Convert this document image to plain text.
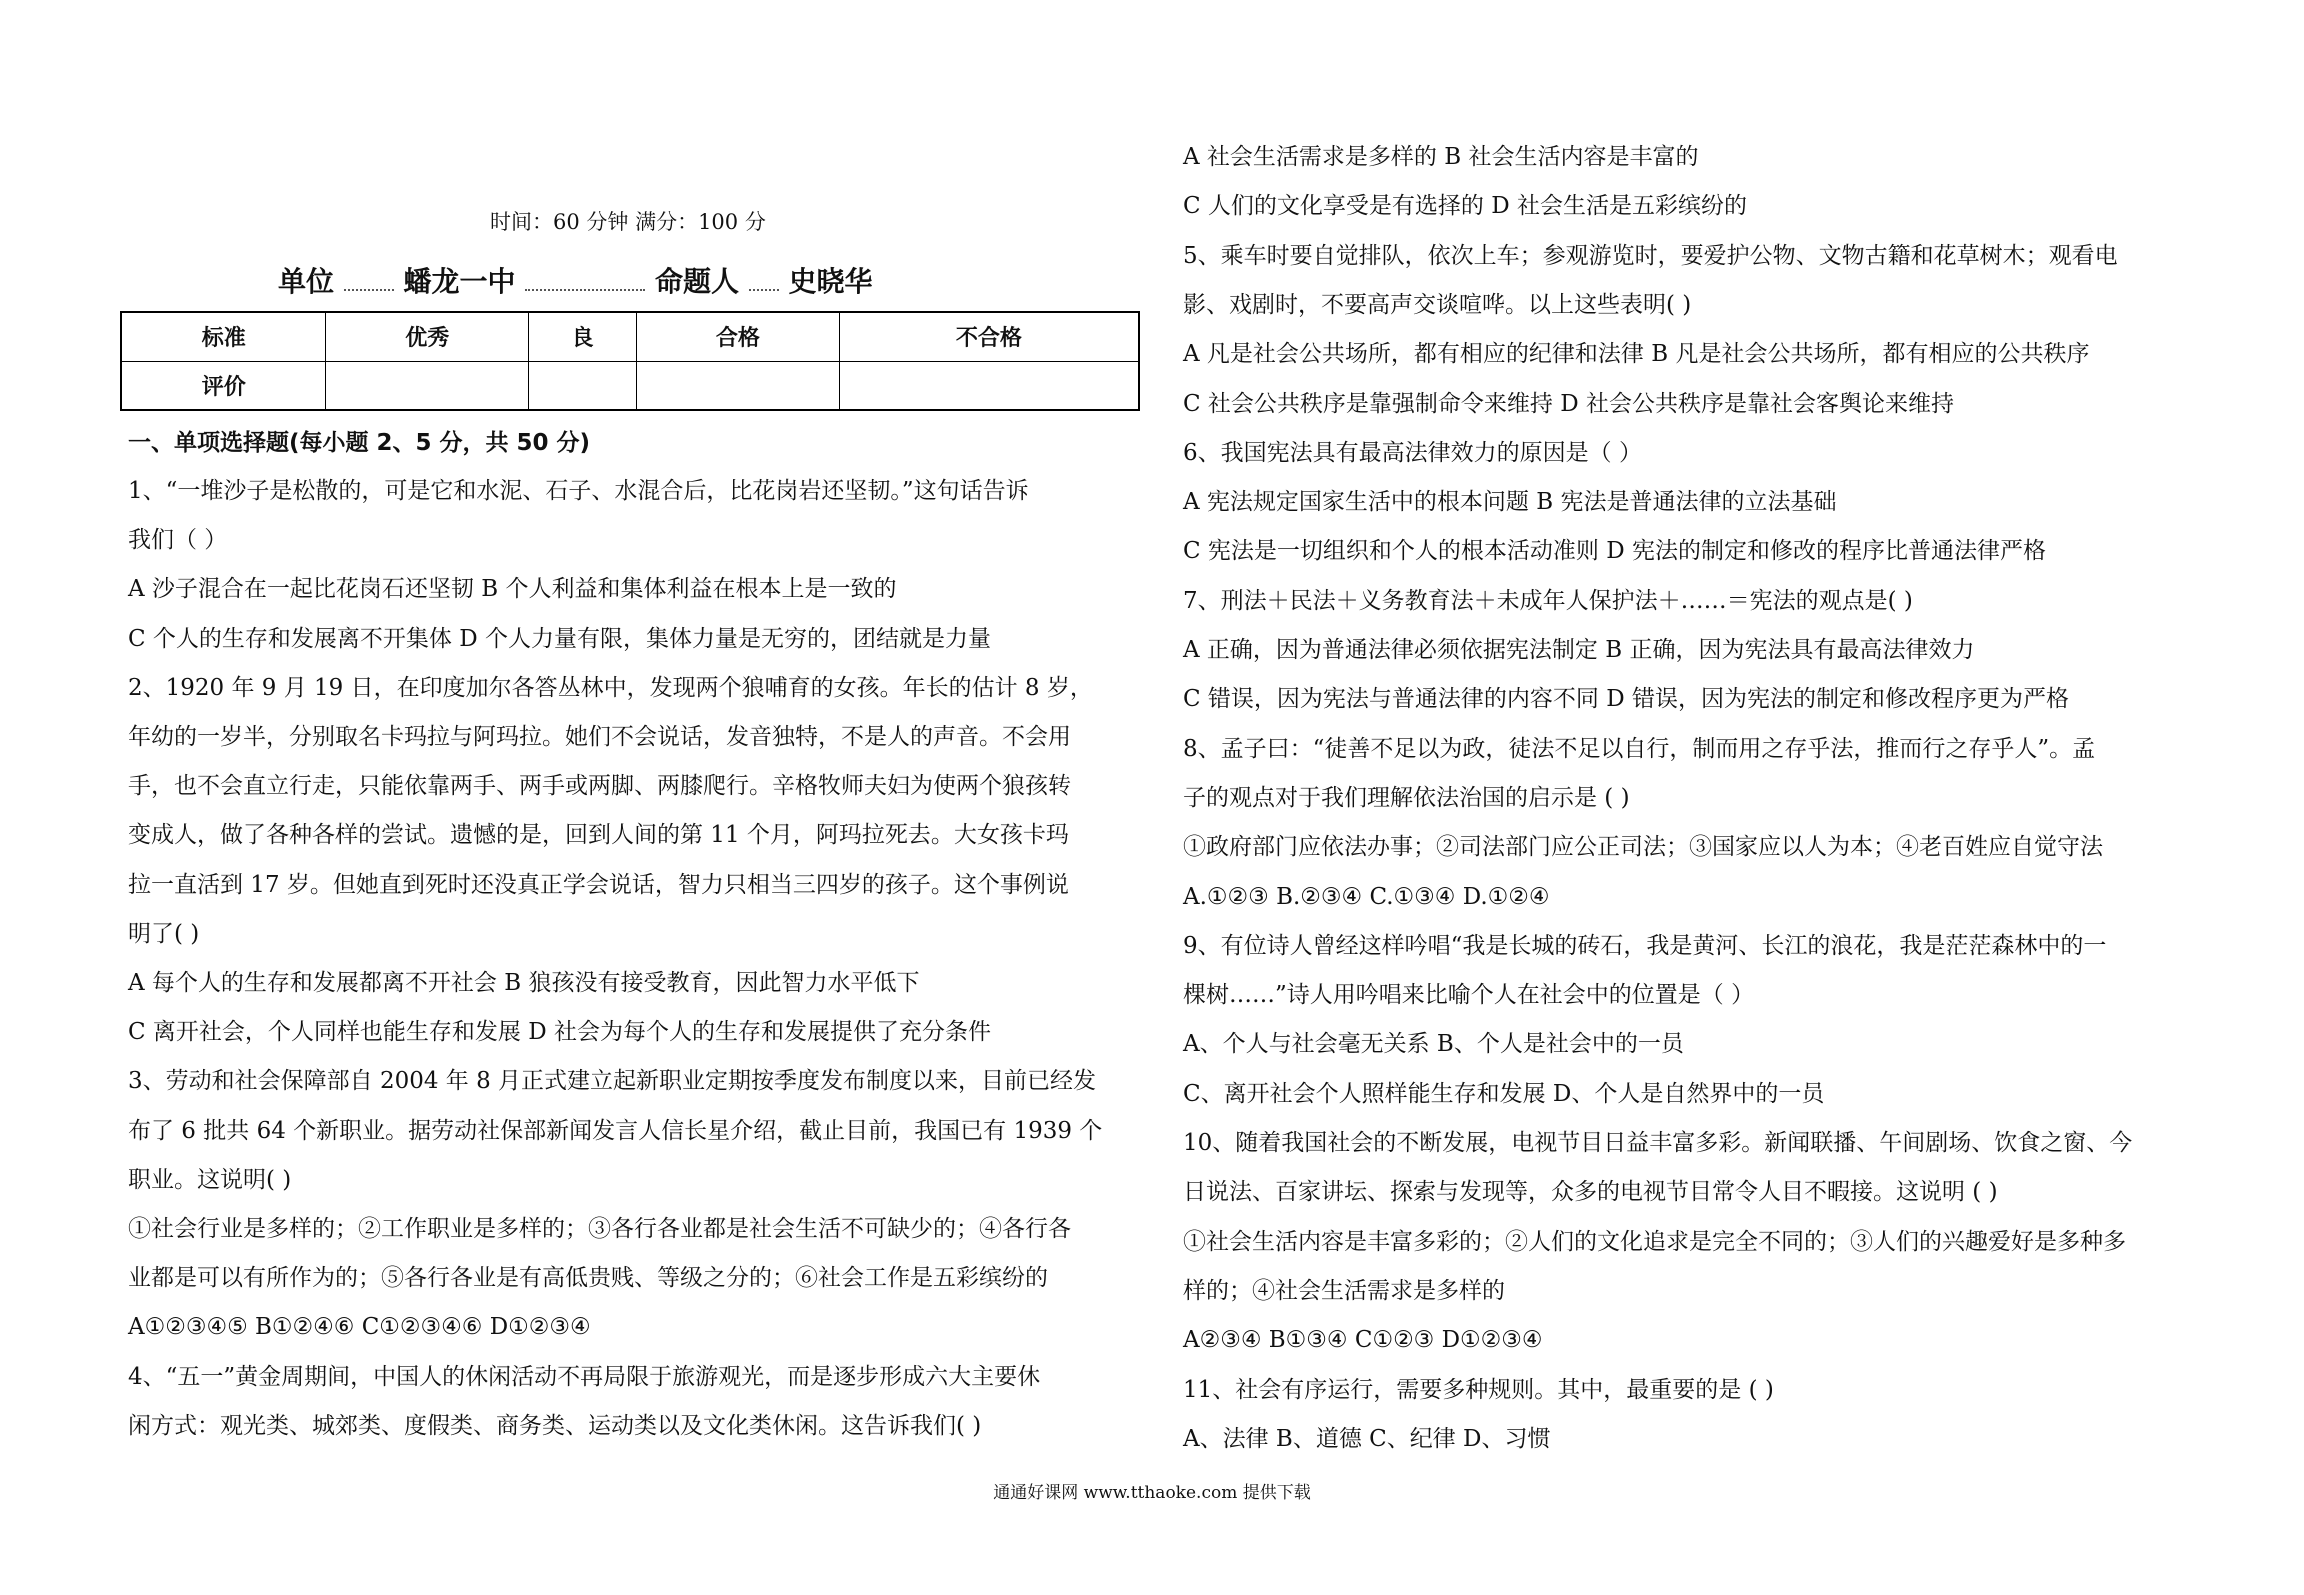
时间：60 分钟 满分：100 分
单位 蟠龙一中	命题人 史晓华
标准	优秀	良	合格	不合格
评价				
一、单项选择题(每小题 2、5 分，共 50 分)
1、“一堆沙子是松散的，可是它和水泥、石子、水混合后，比花岗岩还坚韧。”这句话告诉
我们（ ）
A 沙子混合在一起比花岗石还坚韧 B 个人利益和集体利益在根本上是一致的
C 个人的生存和发展离不开集体 D 个人力量有限，集体力量是无穷的，团结就是力量
2、1920 年 9 月 19 日，在印度加尔各答丛林中，发现两个狼哺育的女孩。年长的估计 8 岁，
年幼的一岁半，分别取名卡玛拉与阿玛拉。她们不会说话，发音独特，不是人的声音。不会用
手，也不会直立行走，只能依靠两手、两手或两脚、两膝爬行。辛格牧师夫妇为使两个狼孩转
变成人，做了各种各样的尝试。遗憾的是，回到人间的第 11 个月，阿玛拉死去。大女孩卡玛
拉一直活到 17 岁。但她直到死时还没真正学会说话，智力只相当三四岁的孩子。这个事例说
明了( )
A 每个人的生存和发展都离不开社会 B 狼孩没有接受教育，因此智力水平低下
C 离开社会，个人同样也能生存和发展 D 社会为每个人的生存和发展提供了充分条件
3、劳动和社会保障部自 2004 年 8 月正式建立起新职业定期按季度发布制度以来，目前已经发
布了 6 批共 64 个新职业。据劳动社保部新闻发言人信长星介绍，截止目前，我国已有 1939 个
职业。这说明( )
①社会行业是多样的；②工作职业是多样的；③各行各业都是社会生活不可缺少的；④各行各
业都是可以有所作为的；⑤各行各业是有高低贵贱、等级之分的；⑥社会工作是五彩缤纷的
A①②③④⑤ B①②④⑥ C①②③④⑥ D①②③④
4、“五一”黄金周期间，中国人的休闲活动不再局限于旅游观光，而是逐步形成六大主要休
闲方式：观光类、城郊类、度假类、商务类、运动类以及文化类休闲。这告诉我们( )
A 社会生活需求是多样的 B 社会生活内容是丰富的
C 人们的文化享受是有选择的 D 社会生活是五彩缤纷的
5、乘车时要自觉排队，依次上车；参观游览时，要爱护公物、文物古籍和花草树木；观看电
影、戏剧时，不要高声交谈喧哗。以上这些表明( )
A 凡是社会公共场所，都有相应的纪律和法律 B 凡是社会公共场所，都有相应的公共秩序
C 社会公共秩序是靠强制命令来维持 D 社会公共秩序是靠社会客舆论来维持
6、我国宪法具有最高法律效力的原因是（ ）
A 宪法规定国家生活中的根本问题 B 宪法是普通法律的立法基础
C 宪法是一切组织和个人的根本活动准则 D 宪法的制定和修改的程序比普通法律严格
7、刑法＋民法＋义务教育法＋未成年人保护法＋……＝宪法的观点是( )
A 正确，因为普通法律必须依据宪法制定 B 正确，因为宪法具有最高法律效力
C 错误，因为宪法与普通法律的内容不同 D 错误，因为宪法的制定和修改程序更为严格
8、孟子曰：“徒善不足以为政，徒法不足以自行，制而用之存乎法，推而行之存乎人”。孟
子的观点对于我们理解依法治国的启示是 ( )
①政府部门应依法办事；②司法部门应公正司法；③国家应以人为本；④老百姓应自觉守法
A.①②③ B.②③④ C.①③④ D.①②④
9、有位诗人曾经这样吟唱“我是长城的砖石，我是黄河、长江的浪花，我是茫茫森林中的一
棵树……”诗人用吟唱来比喻个人在社会中的位置是（ ）
A、个人与社会毫无关系 B、个人是社会中的一员
C、离开社会个人照样能生存和发展 D、个人是自然界中的一员
10、随着我国社会的不断发展，电视节目日益丰富多彩。新闻联播、午间剧场、饮食之窗、今
日说法、百家讲坛、探索与发现等，众多的电视节目常令人目不暇接。这说明 ( )
①社会生活内容是丰富多彩的；②人们的文化追求是完全不同的；③人们的兴趣爱好是多种多
样的；④社会生活需求是多样的
A②③④ B①③④ C①②③ D①②③④
11、社会有序运行，需要多种规则。其中，最重要的是 ( )
A、法律 B、道德 C、纪律 D、习惯
通通好课网 www.tthaoke.com 提供下载
